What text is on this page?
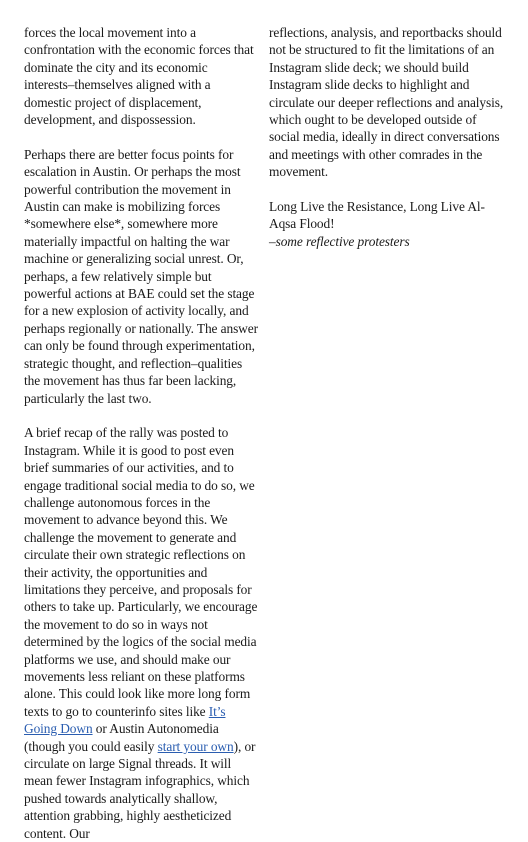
forces the local movement into a confrontation with the economic forces that dominate the city and its economic interests–themselves aligned with a domestic project of displacement, development, and dispossession.

Perhaps there are better focus points for escalation in Austin. Or perhaps the most powerful contribution the movement in Austin can make is mobilizing forces *somewhere else*, somewhere more materially impactful on halting the war machine or generalizing social unrest. Or, perhaps, a few relatively simple but powerful actions at BAE could set the stage for a new explosion of activity locally, and perhaps regionally or nationally. The answer can only be found through experimentation, strategic thought, and reflection–qualities the movement has thus far been lacking, particularly the last two.

A brief recap of the rally was posted to Instagram. While it is good to post even brief summaries of our activities, and to engage traditional social media to do so, we challenge autonomous forces in the movement to advance beyond this. We challenge the movement to generate and circulate their own strategic reflections on their activity, the opportunities and limitations they perceive, and proposals for others to take up. Particularly, we encourage the movement to do so in ways not determined by the logics of the social media platforms we use, and should make our movements less reliant on these platforms alone. This could look like more long form texts to go to counterinfo sites like It’s Going Down or Austin Autonomedia (though you could easily start your own), or circulate on large Signal threads. It will mean fewer Instagram infographics, which pushed towards analytically shallow, attention grabbing, highly aestheticized content. Our

reflections, analysis, and reportbacks should not be structured to fit the limitations of an Instagram slide deck; we should build Instagram slide decks to highlight and circulate our deeper reflections and analysis, which ought to be developed outside of social media, ideally in direct conversations and meetings with other comrades in the movement.

Long Live the Resistance, Long Live Al-Aqsa Flood!

–some reflective protesters
